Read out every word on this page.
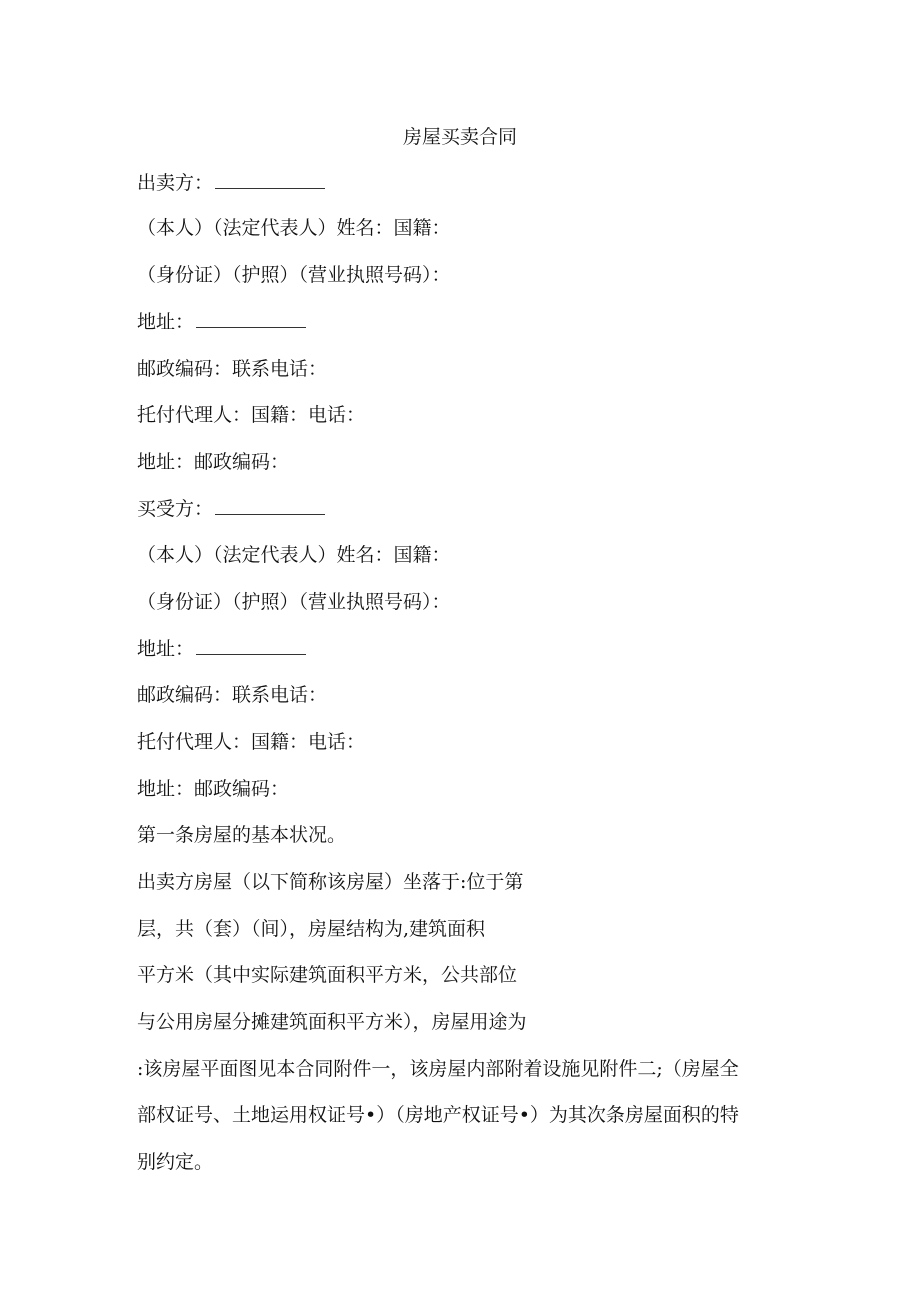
房屋买卖合同
出卖方：
（本人）（法定代表人）姓名：国籍：
（身份证）（护照）（营业执照号码）：
地址：
邮政编码：联系电话：
托付代理人：国籍：电话：
地址：邮政编码：
买受方：
（本人）（法定代表人）姓名：国籍：
（身份证）（护照）（营业执照号码）：
地址：
邮政编码：联系电话：
托付代理人：国籍：电话：
地址：邮政编码：
第一条房屋的基本状况。
出卖方房屋（以下简称该房屋）坐落于:位于第
层，共（套）（间），房屋结构为,建筑面积
平方米（其中实际建筑面积平方米，公共部位
与公用房屋分摊建筑面积平方米），房屋用途为
:该房屋平面图见本合同附件一，该房屋内部附着设施见附件二;（房屋全
部权证号、土地运用权证号•）（房地产权证号•）为其次条房屋面积的特
别约定。
